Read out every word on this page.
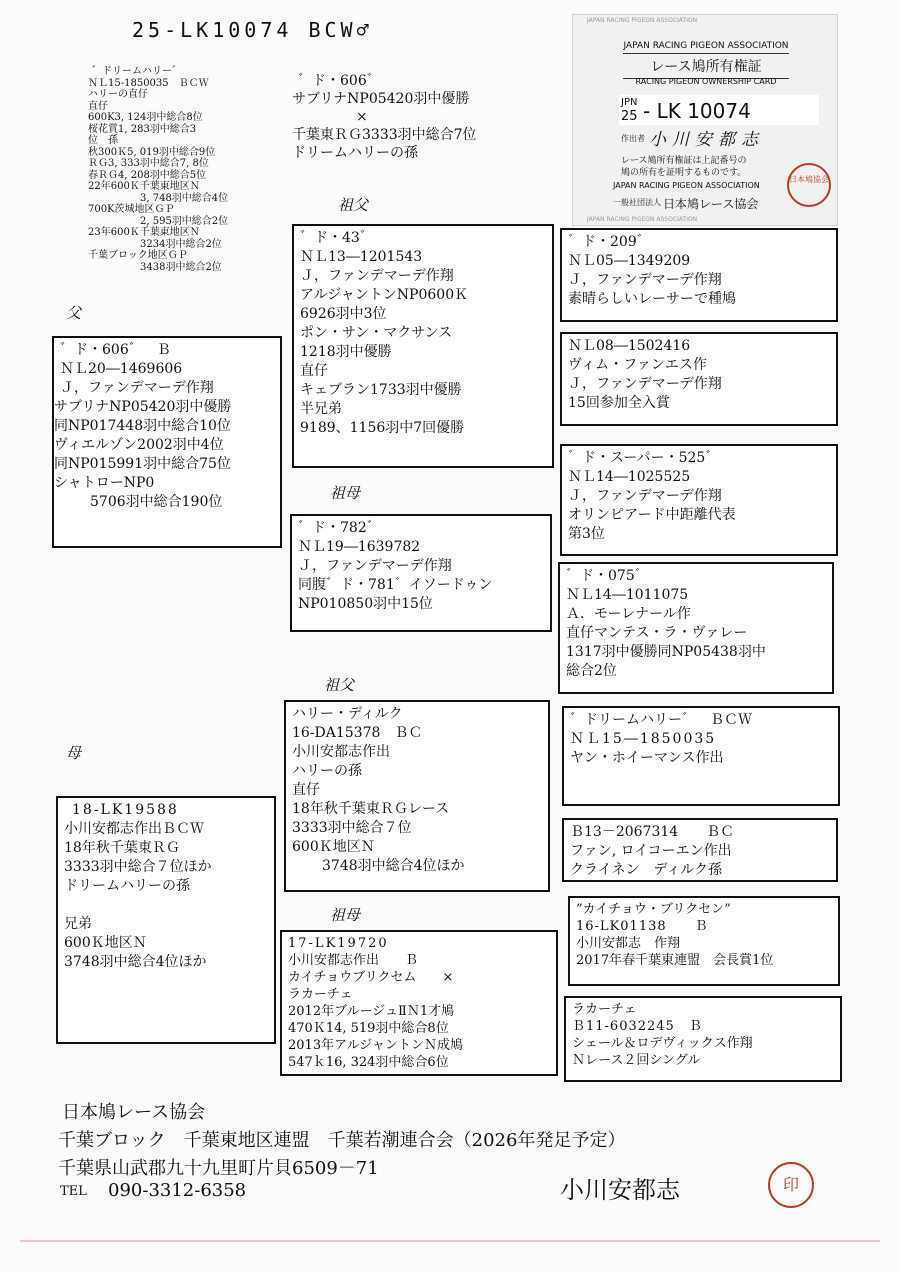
25-LK10074 BCW♂
゛ドリームハリー゛
ＮＬ15-1850035　ＢＣＷ
ハリーの直仔
直仔
600K3, 124羽中総合8位
桜花賞1, 283羽中総合3
位　孫
秋300Ｋ5, 019羽中総合9位
ＲＧ3, 333羽中総合7, 8位
春ＲＧ4, 208羽中総合5位
22年600Ｋ千葉東地区Ｎ
3, 748羽中総合4位
700K茨城地区ＧＰ
2, 595羽中総合2位
23年600Ｋ千葉東地区Ｎ
3234羽中総合2位
千葉ブロック地区ＧＰ
3438羽中総合2位
゛ド・606゛
サブリナNP05420羽中優勝
×
千葉東ＲＧ3333羽中総合7位
ドリームハリーの孫
父
祖父
祖母
母
祖父
祖母
゛ド・606゛　Ｂ
ＮＬ20―1469606
Ｊ，ファンデマーデ作翔
サブリナNP05420羽中優勝
同NP017448羽中総合10位
ヴィエルゾン2002羽中4位
同NP015991羽中総合75位
シャトローNP0
5706羽中総合190位
゛ド・43゛
ＮＬ13―1201543
Ｊ，ファンデマーデ作翔
アルジャントンNP0600Ｋ
6926羽中3位
ポン・サン・マクサンス
1218羽中優勝
直仔
キェブラン1733羽中優勝
半兄弟
9189、1156羽中7回優勝
゛ド・782゛
ＮＬ19―1639782
Ｊ，ファンデマーデ作翔
同腹゛ド・781゛イソードゥン
NP010850羽中15位
゛ド・209゛
ＮＬ05―1349209
Ｊ，ファンデマーデ作翔
素晴らしいレーサーで種鳩
ＮＬ08―1502416
ヴィム・ファンエス作
Ｊ，ファンデマーデ作翔
15回参加全入賞
゛ド・スーパー・525゛
ＮＬ14―1025525
Ｊ，ファンデマーデ作翔
オリンピアード中距離代表
第3位
゛ド・075゛
ＮＬ14―1011075
Ａ．モーレナール作
直仔マンテス・ラ・ヴァレー
1317羽中優勝同NP05438羽中
総合2位
18-LK19588
小川安都志作出ＢＣＷ
18年秋千葉東ＲＧ
3333羽中総合７位ほか
ドリームハリーの孫
兄弟
600Ｋ地区Ｎ
3748羽中総合4位ほか
ハリー・ディルク
16-DA15378　ＢＣ
小川安都志作出
ハリーの孫
直仔
18年秋千葉東ＲＧレース
3333羽中総合７位
600Ｋ地区Ｎ
3748羽中総合4位ほか
17-LK19720
小川安都志作出　　Ｂ
カイチョウブリクセム　　×
ラカーチェ
2012年ブルージュⅡＮ1才鳩
470Ｋ14, 519羽中総合8位
2013年アルジャントンＮ成鳩
547ｋ16, 324羽中総合6位
゛ドリームハリー゛　ＢＣＷ
ＮＬ15―1850035
ヤン・ホイーマンス作出
Ｂ13－2067314　　ＢＣ
ファン, ロイコーエン作出
クライネン　ディルク孫
”カイチョウ・ブリクセン”
16-LK01138　　Ｂ
小川安都志　作翔
2017年春千葉東連盟　会長賞1位
ラカーチェ
Ｂ11-6032245　Ｂ
シェール＆ロデヴィックス作翔
Ｎレース２回シングル
JAPAN RACING PIGEON ASSOCIATION
JAPAN RACING PIGEON ASSOCIATION
JAPAN RACING PIGEON ASSOCIATION
レース鳩所有権証
RACING PIGEON OWNERSHIP CARD
JPN
25 - LK 10074
作出者 小川安都志
レース鳩所有権証は上記番号の
鳩の所有を証明するものです。
JAPAN RACING PIGEON ASSOCIATION
一般社団法人 日本鳩レース協会
日本鳩協会
日本鳩レース協会
千葉ブロック　千葉東地区連盟　千葉若潮連合会（2026年発足予定）
千葉県山武郡九十九里町片貝6509－71
TEL 090-3312-6358	小川安都志	印
